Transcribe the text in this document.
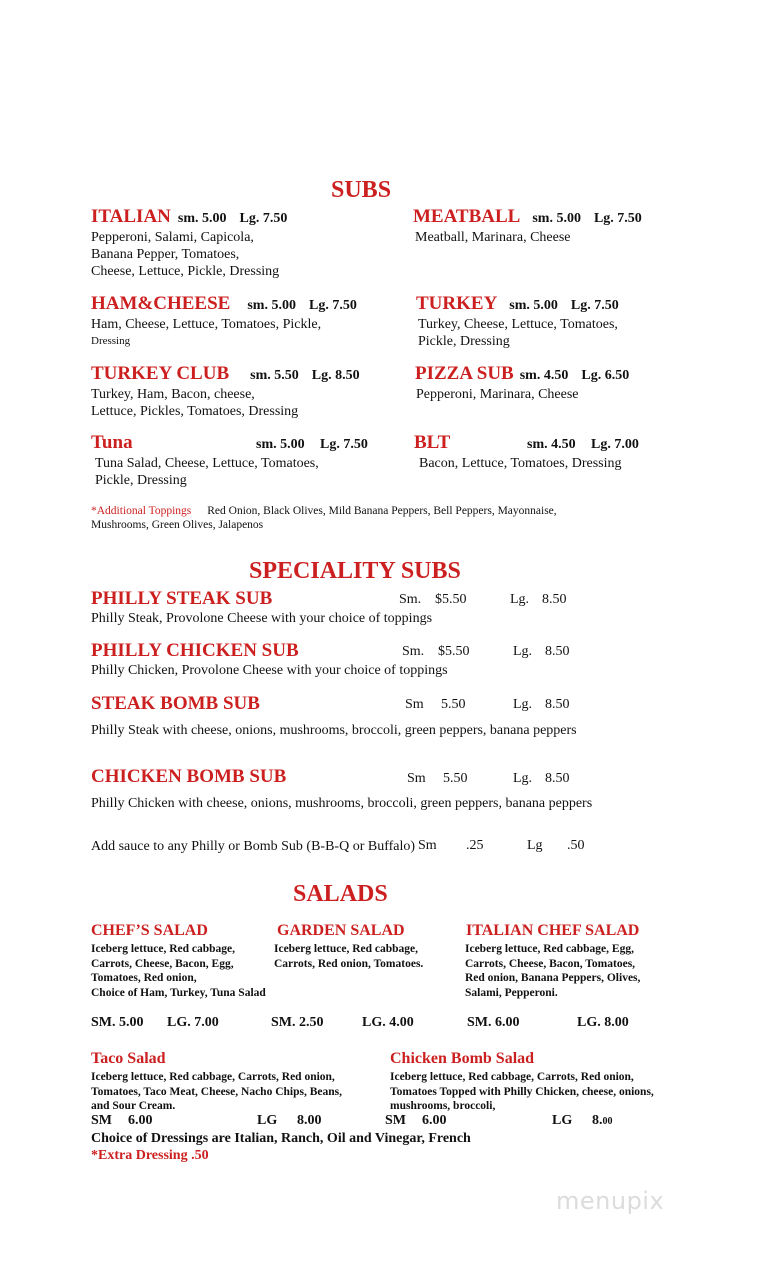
SUBS
ITALIAN sm. 5.00 Lg. 7.50
Pepperoni, Salami, Capicola,
Banana Pepper, Tomatoes,
Cheese, Lettuce, Pickle, Dressing
MEATBALL sm. 5.00 Lg. 7.50
Meatball, Marinara, Cheese
HAM&CHEESE sm. 5.00 Lg. 7.50
Ham, Cheese, Lettuce, Tomatoes, Pickle,
Dressing
TURKEY sm. 5.00 Lg. 7.50
Turkey, Cheese, Lettuce, Tomatoes,
Pickle, Dressing
TURKEY CLUB sm. 5.50 Lg. 8.50
Turkey, Ham, Bacon, cheese,
Lettuce, Pickles, Tomatoes, Dressing
PIZZA SUB sm. 4.50 Lg. 6.50
Pepperoni, Marinara, Cheese
Tuna	sm. 5.00 Lg. 7.50
Tuna Salad, Cheese, Lettuce, Tomatoes,
Pickle, Dressing
BLT	sm. 4.50 Lg. 7.00
Bacon, Lettuce, Tomatoes, Dressing
*Additional Toppings Red Onion, Black Olives, Mild Banana Peppers, Bell Peppers, Mayonnaise,
Mushrooms, Green Olives, Jalapenos
SPECIALITY SUBS
PHILLY STEAK SUB	Sm. $5.50	Lg. 8.50
Philly Steak, Provolone Cheese with your choice of toppings
PHILLY CHICKEN SUB	Sm. $5.50	Lg. 8.50
Philly Chicken, Provolone Cheese with your choice of toppings
STEAK BOMB SUB	Sm 5.50	Lg. 8.50
Philly Steak with cheese, onions, mushrooms, broccoli, green peppers, banana peppers
CHICKEN BOMB SUB	Sm 5.50	Lg. 8.50
Philly Chicken with cheese, onions, mushrooms, broccoli, green peppers, banana peppers
Add sauce to any Philly or Bomb Sub (B-B-Q or Buffalo) Sm .25	Lg .50
SALADS
CHEF’S SALAD
Iceberg lettuce, Red cabbage,
Carrots, Cheese, Bacon, Egg,
Tomatoes, Red onion,
Choice of Ham, Turkey, Tuna Salad
GARDEN SALAD
Iceberg lettuce, Red cabbage,
Carrots, Red onion, Tomatoes.
ITALIAN CHEF SALAD
Iceberg lettuce, Red cabbage, Egg,
Carrots, Cheese, Bacon, Tomatoes,
Red onion, Banana Peppers, Olives,
Salami, Pepperoni.
SM. 5.00 LG. 7.00	SM. 2.50	LG. 4.00	SM. 6.00	LG. 8.00
Taco Salad
Iceberg lettuce, Red cabbage, Carrots, Red onion,
Tomatoes, Taco Meat, Cheese, Nacho Chips, Beans,
and Sour Cream.
Chicken Bomb Salad
Iceberg lettuce, Red cabbage, Carrots, Red onion,
Tomatoes Topped with Philly Chicken, cheese, onions,
mushrooms, broccoli,
SM 6.00	LG 8.00	SM 6.00	LG 8.00
Choice of Dressings are Italian, Ranch, Oil and Vinegar, French
*Extra Dressing .50
menupix
